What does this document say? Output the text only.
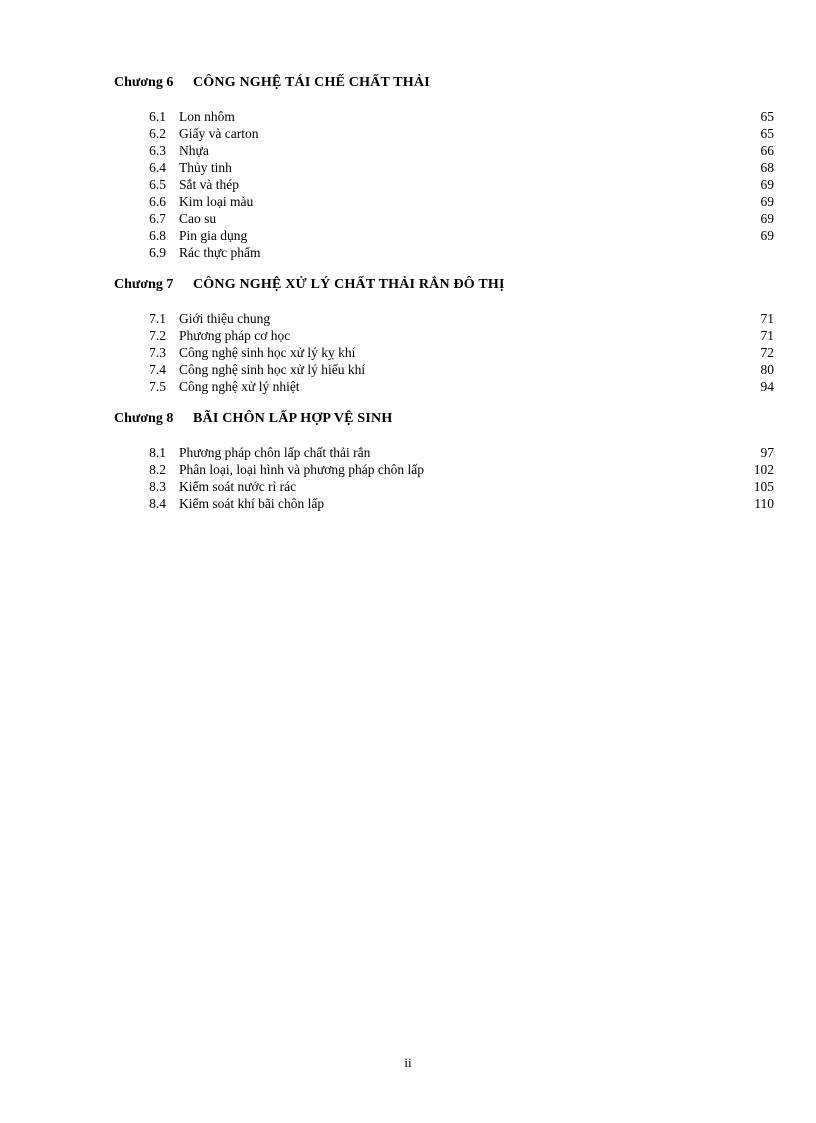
Chương 6	CÔNG NGHỆ TÁI CHẾ CHẤT THẢI
6.1 Lon nhôm	65
6.2 Giấy và carton	65
6.3 Nhựa	66
6.4 Thủy tinh	68
6.5 Sắt và thép	69
6.6 Kim loại màu	69
6.7 Cao su	69
6.8 Pin gia dụng	69
6.9 Rác thực phẩm
Chương 7	CÔNG NGHỆ XỬ LÝ CHẤT THẢI RẮN ĐÔ THỊ
7.1 Giới thiệu chung	71
7.2 Phương pháp cơ học	71
7.3 Công nghệ sinh học xử lý kỵ khí	72
7.4 Công nghệ sinh học xử lý hiếu khí	80
7.5 Công nghệ xử lý nhiệt	94
Chương 8	BÃI CHÔN LẤP HỢP VỆ SINH
8.1 Phương pháp chôn lấp chất thải rắn	97
8.2 Phân loại, loại hình và phương pháp chôn lấp	102
8.3 Kiểm soát nước rỉ rác	105
8.4 Kiểm soát khí bãi chôn lấp	110
ii
